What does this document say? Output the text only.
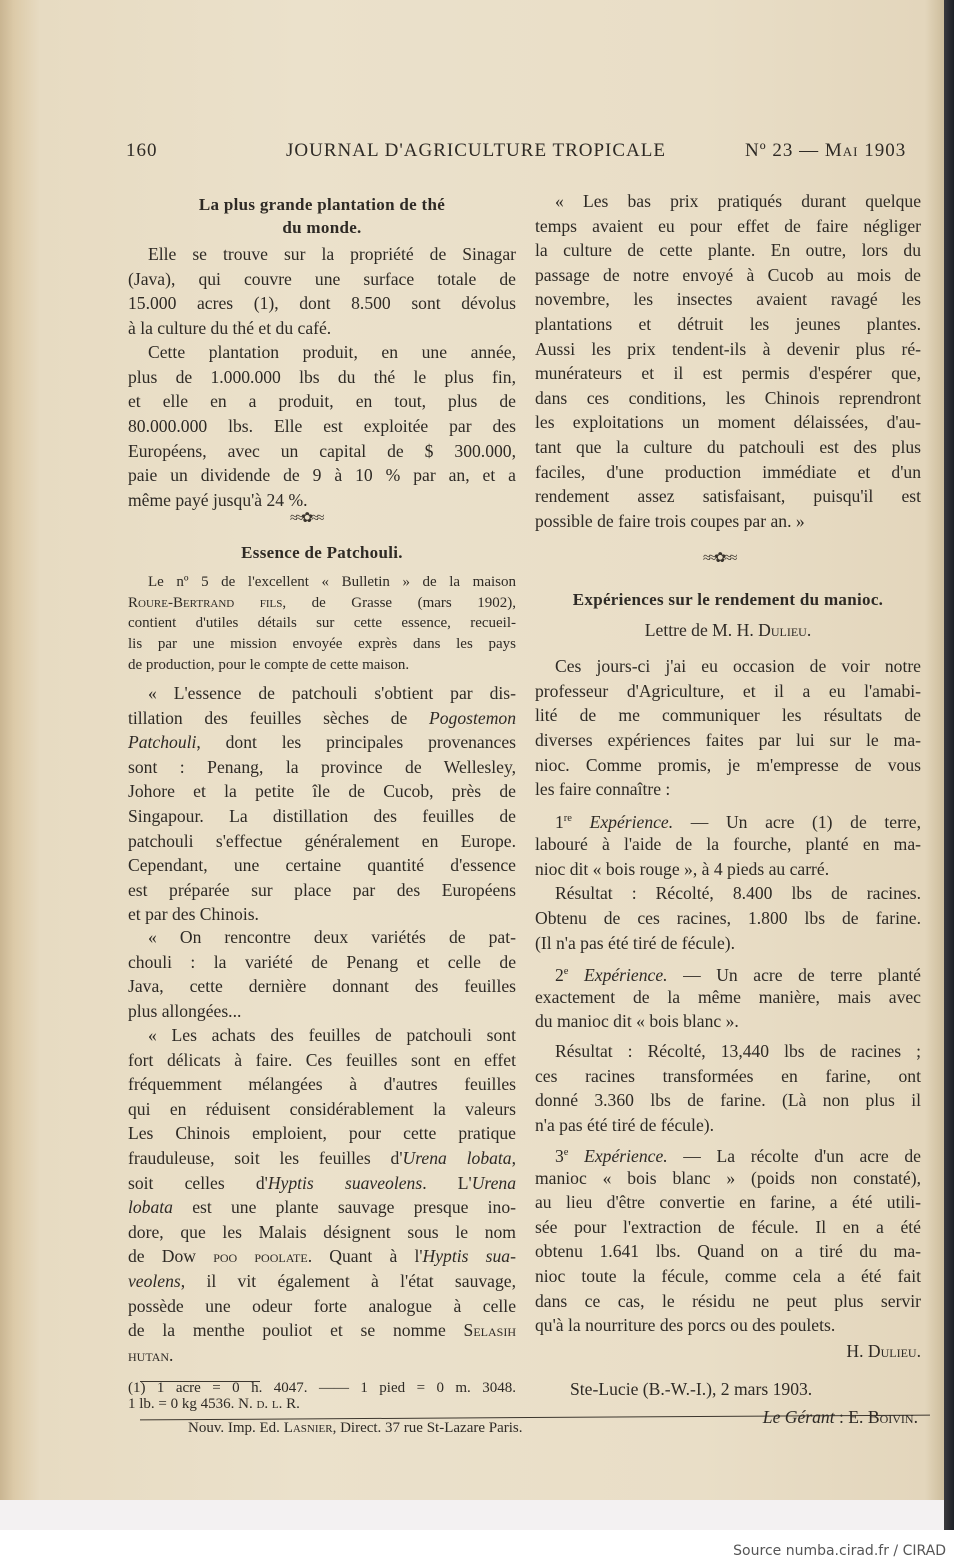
160	JOURNAL D'AGRICULTURE TROPICALE	Nº 23 — Mai 1903
≈≈✿≈≈
≈≈✿≈≈
La plus grande plantation de thé
du monde.
Elle se trouve sur la propriété de Sinagar
(Java), qui couvre une surface totale de
15.000 acres (1), dont 8.500 sont dévolus
à la culture du thé et du café.
Cette plantation produit, en une année,
plus de 1.000.000 lbs du thé le plus fin,
et elle en a produit, en tout, plus de
80.000.000 lbs. Elle est exploitée par des
Européens, avec un capital de $ 300.000,
paie un dividende de 9 à 10 % par an, et a
même payé jusqu'à 24 %.
Essence de Patchouli.
Le nº 5 de l'excellent « Bulletin » de la maison
Roure-Bertrand fils, de Grasse (mars 1902),
contient d'utiles détails sur cette essence, recueil-
lis par une mission envoyée exprès dans les pays
de production, pour le compte de cette maison.
« L'essence de patchouli s'obtient par dis-
tillation des feuilles sèches de Pogostemon
Patchouli, dont les principales provenances
sont : Penang, la province de Wellesley,
Johore et la petite île de Cucob, près de
Singapour. La distillation des feuilles de
patchouli s'effectue généralement en Europe.
Cependant, une certaine quantité d'essence
est préparée sur place par des Européens
et par des Chinois.
« On rencontre deux variétés de pat-
chouli : la variété de Penang et celle de
Java, cette dernière donnant des feuilles
plus allongées...
« Les achats des feuilles de patchouli sont
fort délicats à faire. Ces feuilles sont en effet
fréquemment mélangées à d'autres feuilles
qui en réduisent considérablement la valeurs
Les Chinois emploient, pour cette pratique
frauduleuse, soit les feuilles d'Urena lobata,
soit celles d'Hyptis suaveolens. L'Urena
lobata est une plante sauvage presque ino-
dore, que les Malais désignent sous le nom
de Dow poo poolate. Quant à l'Hyptis sua-
veolens, il vit également à l'état sauvage,
possède une odeur forte analogue à celle
de la menthe pouliot et se nomme Selasih
hutan.
(1) 1 acre = 0 h. 4047. —— 1 pied = 0 m. 3048.
1 lb. = 0 kg 4536. N. d. l. R.
« Les bas prix pratiqués durant quelque
temps avaient eu pour effet de faire négliger
la culture de cette plante. En outre, lors du
passage de notre envoyé à Cucob au mois de
novembre, les insectes avaient ravagé les
plantations et détruit les jeunes plantes.
Aussi les prix tendent-ils à devenir plus ré-
munérateurs et il est permis d'espérer que,
dans ces conditions, les Chinois reprendront
les exploitations un moment délaissées, d'au-
tant que la culture du patchouli est des plus
faciles, d'une production immédiate et d'un
rendement assez satisfaisant, puisqu'il est
possible de faire trois coupes par an. »
Expériences sur le rendement du manioc.
Lettre de M. H. Dulieu.
Ces jours-ci j'ai eu occasion de voir notre
professeur d'Agriculture, et il a eu l'amabi-
lité de me communiquer les résultats de
diverses expériences faites par lui sur le ma-
nioc. Comme promis, je m'empresse de vous
les faire connaître :
1re Expérience. — Un acre (1) de terre,
labouré à l'aide de la fourche, planté en ma-
nioc dit « bois rouge », à 4 pieds au carré.
Résultat : Récolté, 8.400 lbs de racines.
Obtenu de ces racines, 1.800 lbs de farine.
(Il n'a pas été tiré de fécule).
2e Expérience. — Un acre de terre planté
exactement de la même manière, mais avec
du manioc dit « bois blanc ».
Résultat : Récolté, 13,440 lbs de racines ;
ces racines transformées en farine, ont
donné 3.360 lbs de farine. (Là non plus il
n'a pas été tiré de fécule).
3e Expérience. — La récolte d'un acre de
manioc « bois blanc » (poids non constaté),
au lieu d'être convertie en farine, a été utili-
sée pour l'extraction de fécule. Il en a été
obtenu 1.641 lbs. Quand on a tiré du ma-
nioc toute la fécule, comme cela a été fait
dans ce cas, le résidu ne peut plus servir
qu'à la nourriture des porcs ou des poulets.
H. Dulieu.
Ste-Lucie (B.-W.-I.), 2 mars 1903.
Le Gérant : E. Boivin.
Nouv. Imp. Ed. Lasnier, Direct. 37 rue St-Lazare Paris.
Source numba.cirad.fr / CIRAD
